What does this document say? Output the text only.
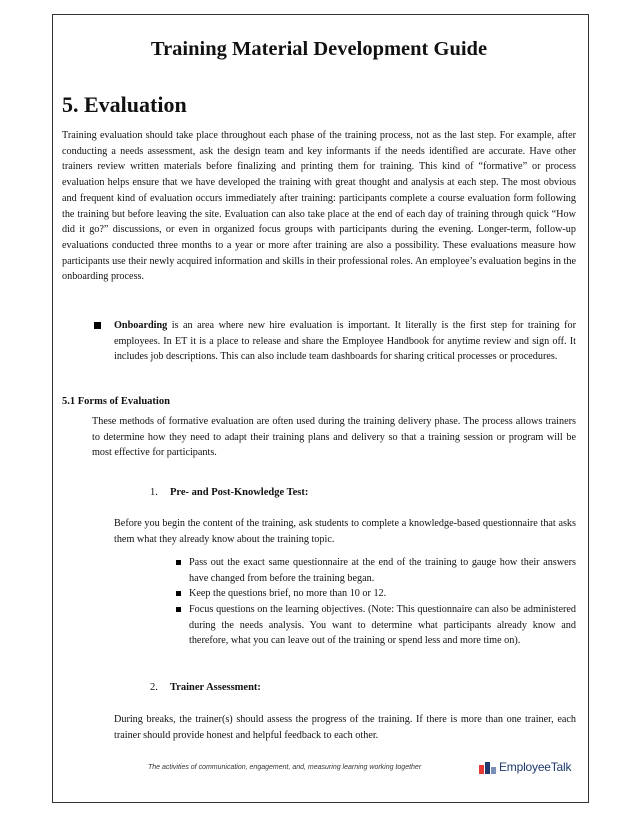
Training Material Development Guide
5. Evaluation
Training evaluation should take place throughout each phase of the training process, not as the last step. For example, after conducting a needs assessment, ask the design team and key informants if the needs identified are accurate. Have other trainers review written materials before finalizing and printing them for training. This kind of “formative” or process evaluation helps ensure that we have developed the training with great thought and analysis at each step. The most obvious and frequent kind of evaluation occurs immediately after training: participants complete a course evaluation form following the training but before leaving the site. Evaluation can also take place at the end of each day of training through quick “How did it go?” discussions, or even in organized focus groups with participants during the evening. Longer-term, follow-up evaluations conducted three months to a year or more after training are also a possibility. These evaluations measure how participants use their newly acquired information and skills in their professional roles. An employee’s evaluation begins in the onboarding process.
Onboarding is an area where new hire evaluation is important. It literally is the first step for training for employees. In ET it is a place to release and share the Employee Handbook for anytime review and sign off. It includes job descriptions. This can also include team dashboards for sharing critical processes or procedures.
5.1 Forms of Evaluation
These methods of formative evaluation are often used during the training delivery phase. The process allows trainers to determine how they need to adapt their training plans and delivery so that a training session or program will be most effective for participants.
1. Pre- and Post-Knowledge Test:
Before you begin the content of the training, ask students to complete a knowledge-based questionnaire that asks them what they already know about the training topic.
Pass out the exact same questionnaire at the end of the training to gauge how their answers have changed from before the training began.
Keep the questions brief, no more than 10 or 12.
Focus questions on the learning objectives. (Note: This questionnaire can also be administered during the needs analysis. You want to determine what participants already know and therefore, what you can leave out of the training or spend less and more time on).
2. Trainer Assessment:
During breaks, the trainer(s) should assess the progress of the training. If there is more than one trainer, each trainer should provide honest and helpful feedback to each other.
The activities of communication, engagement, and, measuring learning working together	EmployeeTalk
